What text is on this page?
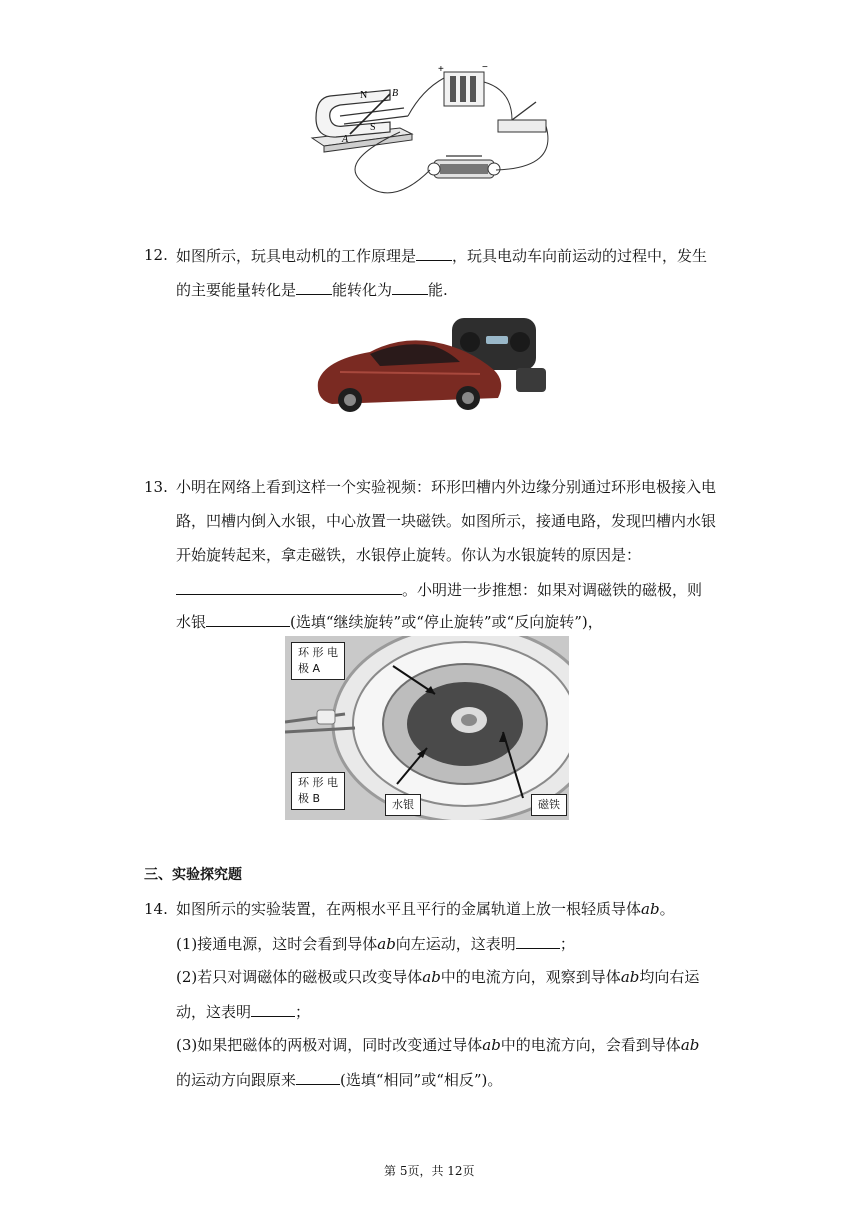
N
S
B
A
+	−
12. 如图所示，玩具电动机的工作原理是 ，玩具电动车向前运动的过程中，发生
的主要能量转化是 能转化为 能.
13. 小明在网络上看到这样一个实验视频：环形凹槽内外边缘分别通过环形电极接入电
路，凹槽内倒入水银，中心放置一块磁铁。如图所示，接通电路，发现凹槽内水银
开始旋转起来，拿走磁铁，水银停止旋转。你认为水银旋转的原因是：
。小明进一步推想：如果对调磁铁的磁极，则
水银	(选填“继续旋转”或“停止旋转”或“反向旋转”)，
环 形 电
极 A
环 形 电
极 B	水银	磁铁
三、实验探究题
14. 如图所示的实验装置，在两根水平且平行的金属轨道上放一根轻质导体ab。
(1)接通电源，这时会看到导体ab向左运动，这表明	；
(2)若只对调磁体的磁极或只改变导体ab中的电流方向，观察到导体ab均向右运
动，这表明	；
(3)如果把磁体的两极对调，同时改变通过导体ab中的电流方向，会看到导体ab
的运动方向跟原来	(选填“相同”或“相反”)。
第 5页，共 12页
